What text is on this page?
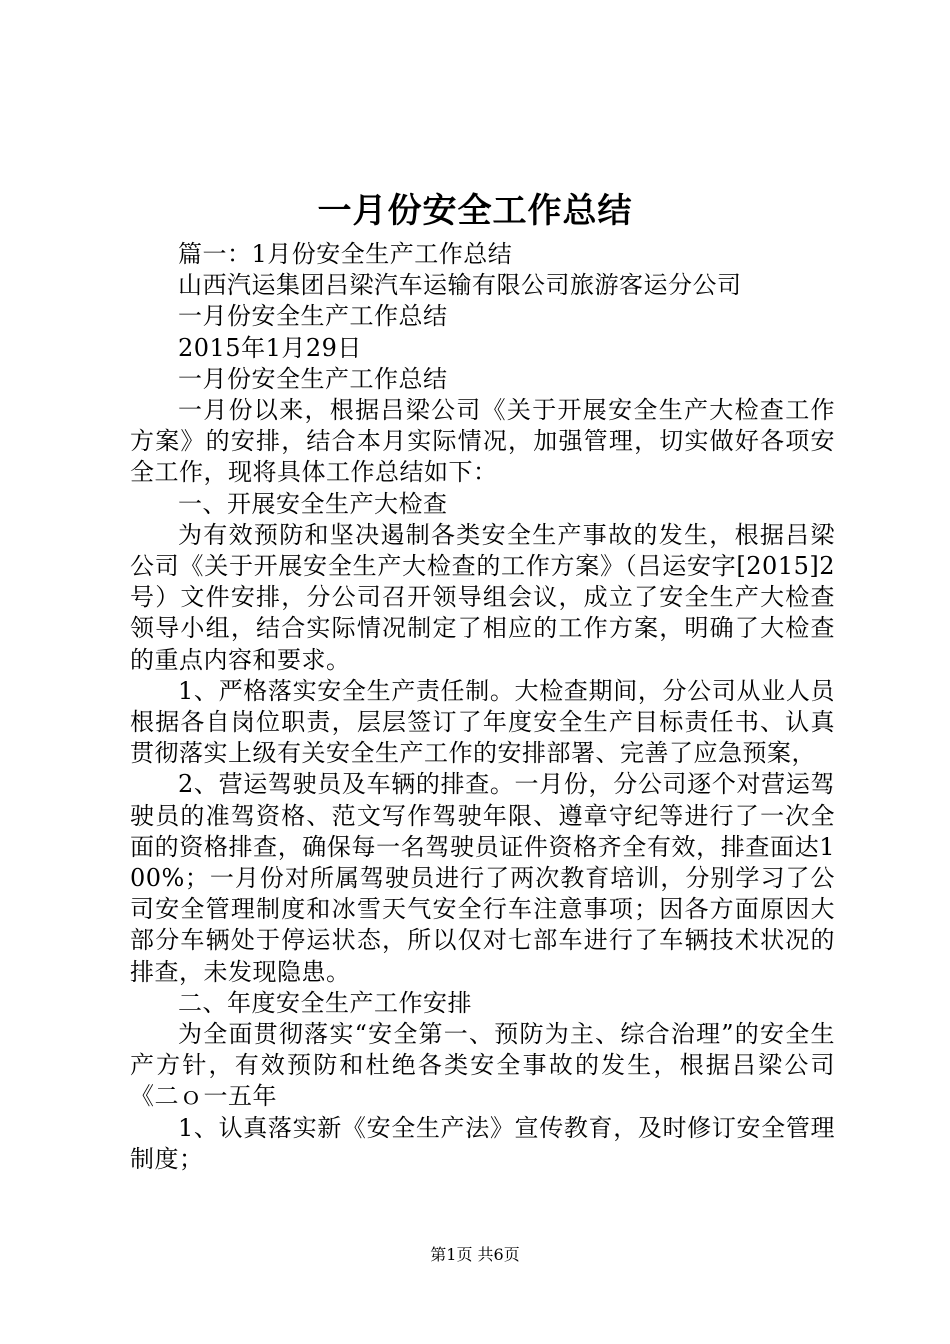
一月份安全工作总结

篇一：1月份安全生产工作总结

山西汽运集团吕梁汽车运输有限公司旅游客运分公司

一月份安全生产工作总结

2015年1月29日

一月份安全生产工作总结

一月份以来，根据吕梁公司《关于开展安全生产大检查工作方案》的安排，结合本月实际情况，加强管理，切实做好各项安全工作，现将具体工作总结如下：

一、开展安全生产大检查

为有效预防和坚决遏制各类安全生产事故的发生，根据吕梁公司《关于开展安全生产大检查的工作方案》（吕运安字[2015]2号）文件安排，分公司召开领导组会议，成立了安全生产大检查领导小组，结合实际情况制定了相应的工作方案，明确了大检查的重点内容和要求。

1、严格落实安全生产责任制。大检查期间，分公司从业人员根据各自岗位职责，层层签订了年度安全生产目标责任书、认真贯彻落实上级有关安全生产工作的安排部署、完善了应急预案，

2、营运驾驶员及车辆的排查。一月份，分公司逐个对营运驾驶员的准驾资格、范文写作驾驶年限、遵章守纪等进行了一次全面的资格排查，确保每一名驾驶员证件资格齐全有效，排查面达100%；一月份对所属驾驶员进行了两次教育培训，分别学习了公司安全管理制度和冰雪天气安全行车注意事项；因各方面原因大部分车辆处于停运状态，所以仅对七部车进行了车辆技术状况的排查，未发现隐患。

二、年度安全生产工作安排

为全面贯彻落实“安全第一、预防为主、综合治理”的安全生产方针，有效预防和杜绝各类安全事故的发生，根据吕梁公司《二ｏ一五年

1、认真落实新《安全生产法》宣传教育，及时修订安全管理制度；

第1页 共6页
